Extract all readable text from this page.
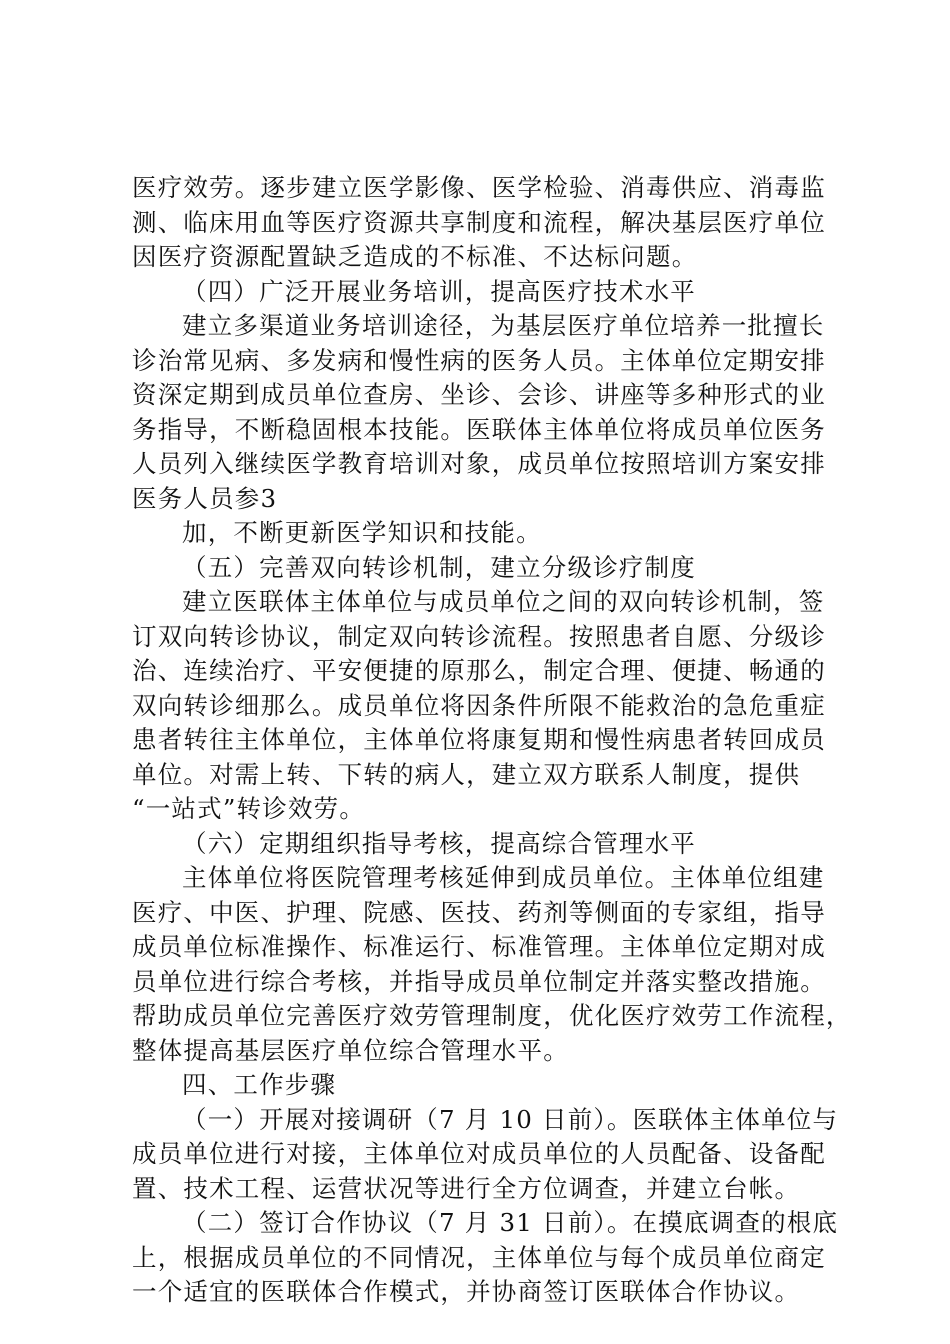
医疗效劳。逐步建立医学影像、医学检验、消毒供应、消毒监
测、临床用血等医疗资源共享制度和流程，解决基层医疗单位
因医疗资源配置缺乏造成的不标准、不达标问题。
（四）广泛开展业务培训，提高医疗技术水平
建立多渠道业务培训途径，为基层医疗单位培养一批擅长
诊治常见病、多发病和慢性病的医务人员。主体单位定期安排
资深定期到成员单位查房、坐诊、会诊、讲座等多种形式的业
务指导，不断稳固根本技能。医联体主体单位将成员单位医务
人员列入继续医学教育培训对象，成员单位按照培训方案安排
医务人员参3
加，不断更新医学知识和技能。
（五）完善双向转诊机制，建立分级诊疗制度
建立医联体主体单位与成员单位之间的双向转诊机制，签
订双向转诊协议，制定双向转诊流程。按照患者自愿、分级诊
治、连续治疗、平安便捷的原那么，制定合理、便捷、畅通的
双向转诊细那么。成员单位将因条件所限不能救治的急危重症
患者转往主体单位，主体单位将康复期和慢性病患者转回成员
单位。对需上转、下转的病人，建立双方联系人制度，提供
“一站式”转诊效劳。
（六）定期组织指导考核，提高综合管理水平
主体单位将医院管理考核延伸到成员单位。主体单位组建
医疗、中医、护理、院感、医技、药剂等侧面的专家组，指导
成员单位标准操作、标准运行、标准管理。主体单位定期对成
员单位进行综合考核，并指导成员单位制定并落实整改措施。
帮助成员单位完善医疗效劳管理制度，优化医疗效劳工作流程，
整体提高基层医疗单位综合管理水平。
四、工作步骤
（一）开展对接调研（7 月 10 日前）。医联体主体单位与
成员单位进行对接，主体单位对成员单位的人员配备、设备配
置、技术工程、运营状况等进行全方位调查，并建立台帐。
（二）签订合作协议（7 月 31 日前）。在摸底调查的根底
上，根据成员单位的不同情况，主体单位与每个成员单位商定
一个适宜的医联体合作模式，并协商签订医联体合作协议。
